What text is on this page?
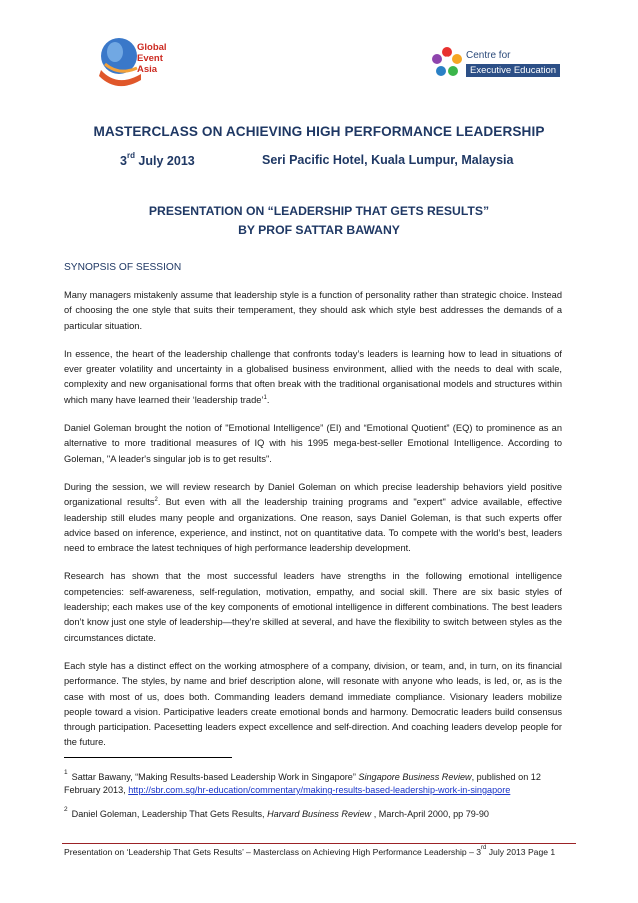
Global
Event
Asia
Centre for
Executive Education
MASTERCLASS ON ACHIEVING HIGH PERFORMANCE LEADERSHIP
3rd July 2013	Seri Pacific Hotel, Kuala Lumpur, Malaysia
PRESENTATION ON “LEADERSHIP THAT GETS RESULTS”
BY PROF SATTAR BAWANY
SYNOPSIS OF SESSION

Many managers mistakenly assume that leadership style is a function of personality rather than strategic choice. Instead of choosing the one style that suits their temperament, they should ask which style best addresses the demands of a particular situation.

In essence, the heart of the leadership challenge that confronts today’s leaders is learning how to lead in situations of ever greater volatility and uncertainty in a globalised business environment, allied with the needs to deal with scale, complexity and new organisational forms that often break with the traditional organisational models and structures within which many have learned their ‘leadership trade’$^1$.

Daniel Goleman brought the notion of "Emotional Intelligence” (EI) and “Emotional Quotient” (EQ) to prominence as an alternative to more traditional measures of IQ with his 1995 mega-best-seller Emotional Intelligence. According to Goleman, "A leader's singular job is to get results".

During the session, we will review research by Daniel Goleman on which precise leadership behaviors yield positive organizational results$^2$. But even with all the leadership training programs and "expert" advice available, effective leadership still eludes many people and organizations. One reason, says Daniel Goleman, is that such experts offer advice based on inference, experience, and instinct, not on quantitative data. To compete with the world’s best, leaders need to embrace the latest techniques of high performance leadership development.

Research has shown that the most successful leaders have strengths in the following emotional intelligence competencies: self-awareness, self-regulation, motivation, empathy, and social skill. There are six basic styles of leadership; each makes use of the key components of emotional intelligence in different combinations. The best leaders don’t know just one style of leadership—they’re skilled at several, and have the flexibility to switch between styles as the circumstances dictate.

Each style has a distinct effect on the working atmosphere of a company, division, or team, and, in turn, on its financial performance. The styles, by name and brief description alone, will resonate with anyone who leads, is led, or, as is the case with most of us, does both. Commanding leaders demand immediate compliance. Visionary leaders mobilize people toward a vision. Participative leaders create emotional bonds and harmony. Democratic leaders build consensus through participation. Pacesetting leaders expect excellence and self-direction. And coaching leaders develop people for the future.

$^1$ Sattar Bawany, “Making Results-based Leadership Work in Singapore” Singapore Business Review, published on 12 February 2013, http://sbr.com.sg/hr-education/commentary/making-results-based-leadership-work-in-singapore

$^2$ Daniel Goleman, Leadership That Gets Results, Harvard Business Review , March-April 2000, pp 79-90

Presentation on ‘Leadership That Gets Results’ – Masterclass on Achieving High Performance Leadership – 3rd July 2013 Page 1
